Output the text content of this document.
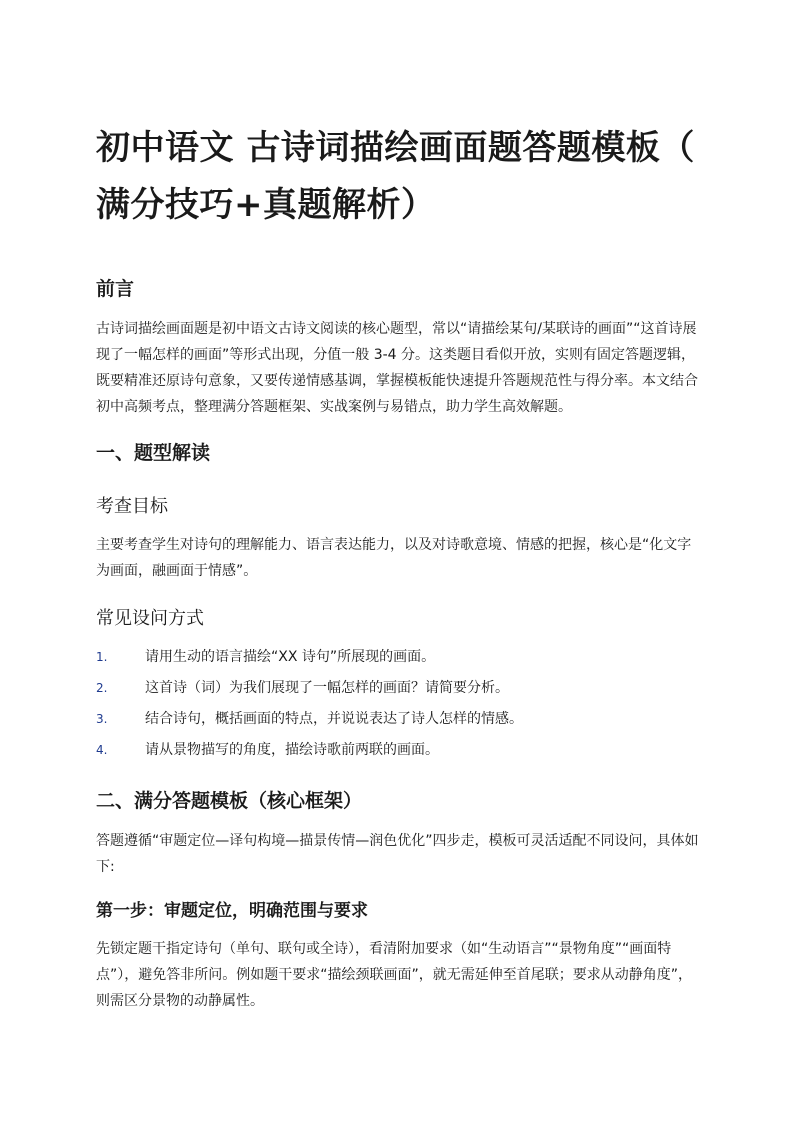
初中语文 古诗词描绘画面题答题模板（
满分技巧+真题解析）
前言

古诗词描绘画面题是初中语文古诗文阅读的核心题型，常以“请描绘某句/某联诗的画面”“这首诗展现了一幅怎样的画面”等形式出现，分值一般 3-4 分。这类题目看似开放，实则有固定答题逻辑，既要精准还原诗句意象，又要传递情感基调，掌握模板能快速提升答题规范性与得分率。本文结合初中高频考点，整理满分答题框架、实战案例与易错点，助力学生高效解题。

一、题型解读
考查目标

主要考查学生对诗句的理解能力、语言表达能力，以及对诗歌意境、情感的把握，核心是“化文字为画面，融画面于情感”。

常见设问方式
1.	请用生动的语言描绘“XX 诗句”所展现的画面。
2.	这首诗（词）为我们展现了一幅怎样的画面？请简要分析。
3.	结合诗句，概括画面的特点，并说说表达了诗人怎样的情感。
4.	请从景物描写的角度，描绘诗歌前两联的画面。
二、满分答题模板（核心框架）

答题遵循“审题定位—译句构境—描景传情—润色优化”四步走，模板可灵活适配不同设问，具体如下:

第一步：审题定位，明确范围与要求

先锁定题干指定诗句（单句、联句或全诗），看清附加要求（如“生动语言”“景物角度”“画面特点”），避免答非所问。例如题干要求“描绘颈联画面”，就无需延伸至首尾联；要求从动静角度”，则需区分景物的动静属性。
